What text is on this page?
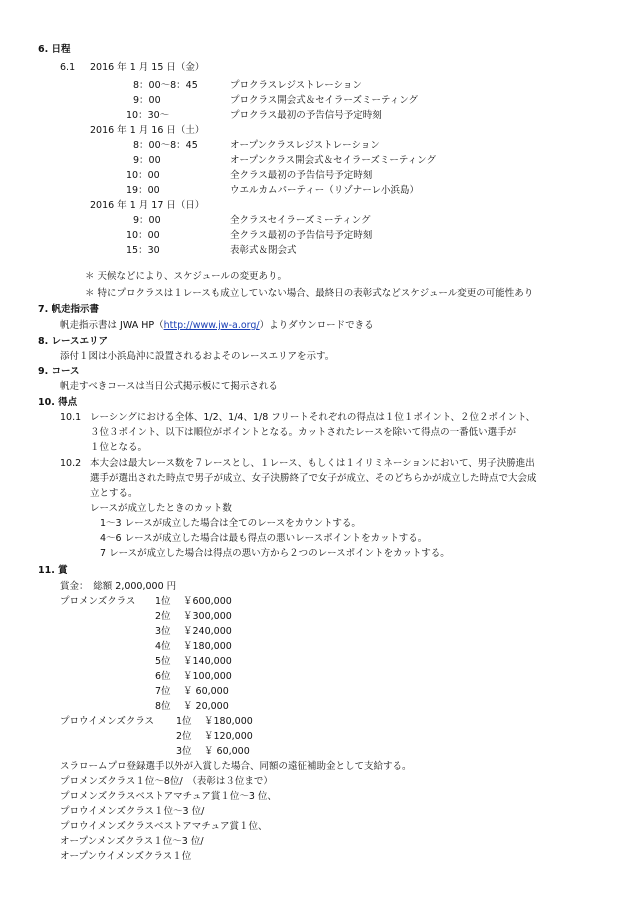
6. 日程
6.1 2016 年 1 月 15 日（金）
8：00～8：45	プロクラスレジストレーション
9：00	プロクラス開会式＆セイラーズミーティング
10：30～	プロクラス最初の予告信号予定時刻
2016 年 1 月 16 日（土）
8：00～8：45	オープンクラスレジストレーション
9：00	オープンクラス開会式＆セイラーズミーティング
10：00	全クラス最初の予告信号予定時刻
19：00	ウエルカムパーティー（リゾナーレ小浜島）
2016 年 1 月 17 日（日）
9：00	全クラスセイラーズミーティング
10：00	全クラス最初の予告信号予定時刻
15：30	表彰式＆閉会式
＊ 天候などにより、スケジュールの変更あり。
＊ 特にプロクラスは１レースも成立していない場合、最終日の表彰式などスケジュール変更の可能性あり
7. 帆走指示書
帆走指示書は JWA HP（http://www.jw-a.org/）よりダウンロードできる
8. レースエリア
添付１図は小浜島沖に設置されるおよそのレースエリアを示す。
9. コース
帆走すべきコースは当日公式掲示板にて掲示される
10. 得点
10.1 レーシングにおける全体、1/2、1/4、1/8 フリートそれぞれの得点は１位１ポイント、２位２ポイント、
３位３ポイント、以下は順位がポイントとなる。カットされたレースを除いて得点の一番低い選手が
１位となる。
10.2 本大会は最大レース数を７レースとし、１レース、もしくは１イリミネーションにおいて、男子決勝進出
選手が選出された時点で男子が成立、女子決勝終了で女子が成立、そのどちらかが成立した時点で大会成
立とする。
レースが成立したときのカット数
1～3 レースが成立した場合は全てのレースをカウントする。
4～6 レースが成立した場合は最も得点の悪いレースポイントをカットする。
7 レースが成立した場合は得点の悪い方から２つのレースポイントをカットする。
11. 賞
賞金：　総額 2,000,000 円
プロメンズクラス 1位 ￥600,000
2位 ￥300,000
3位 ￥240,000
4位 ￥180,000
5位 ￥140,000
6位 ￥100,000
7位 ￥ 60,000
8位 ￥ 20,000
プロウイメンズクラス 1位 ￥180,000
2位 ￥120,000
3位 ￥ 60,000
スラロームプロ登録選手以外が入賞した場合、同額の遠征補助金として支給する。
プロメンズクラス１位～8位/　（表彰は３位まで）
プロメンズクラスベストアマチュア賞１位～3 位、
プロウイメンズクラス１位～3 位/
プロウイメンズクラスベストアマチュア賞１位、
オープンメンズクラス１位～3 位/
オープンウイメンズクラス１位
